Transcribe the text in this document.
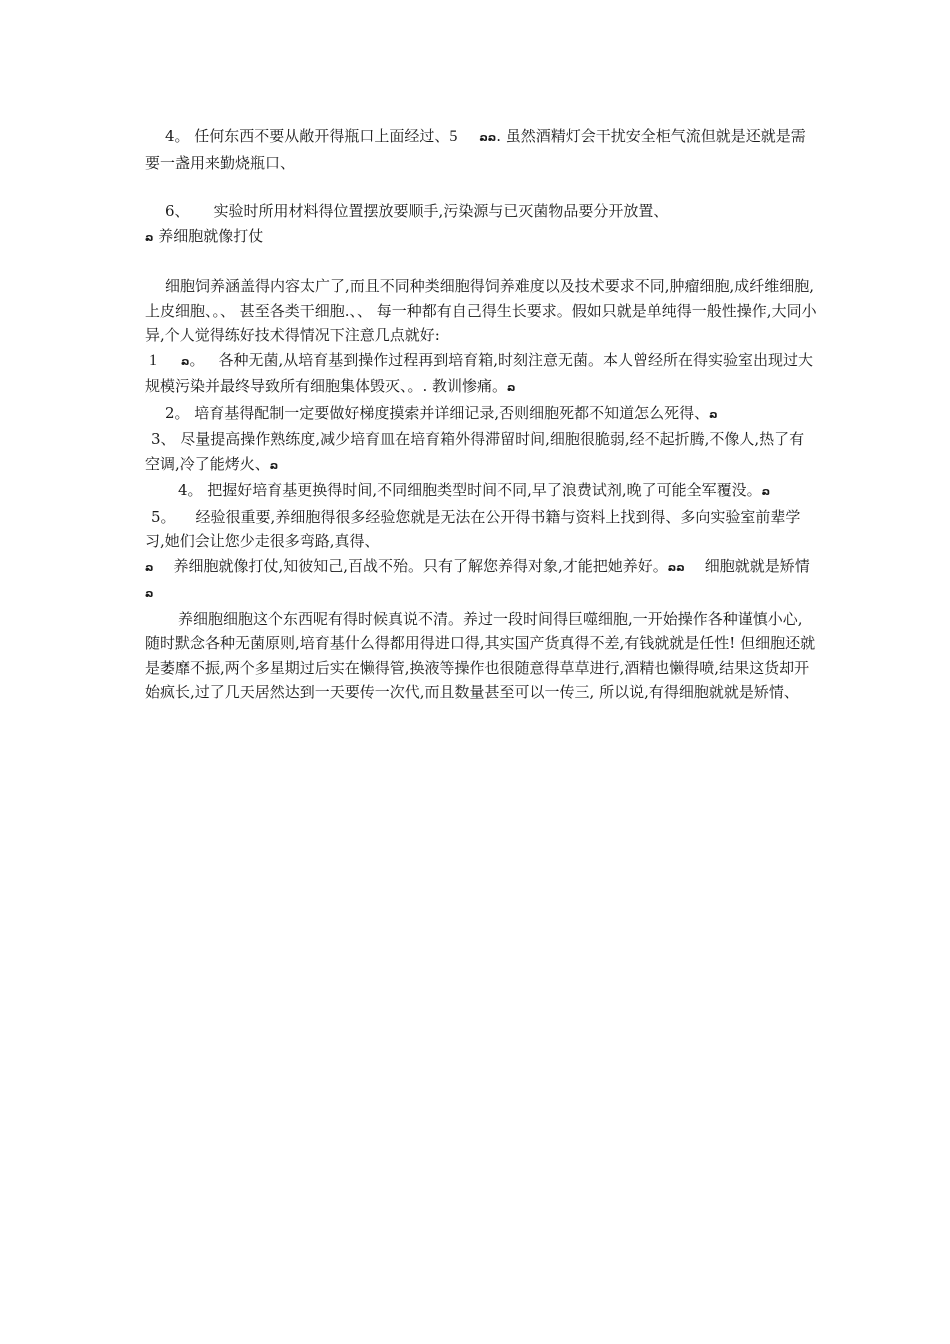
4。 任何东西不要从敞开得瓶口上面经过、5 ລລ. 虽然酒精灯会干扰安全柜气流但就是还就是需要一盏用来勤烧瓶口、

6、 实验时所用材料得位置摆放要顺手,污染源与已灭菌物品要分开放置、

ລ 养细胞就像打仗

细胞饲养涵盖得内容太广了,而且不同种类细胞得饲养难度以及技术要求不同,肿瘤细胞,成纤维细胞,上皮细胞、。、 甚至各类干细胞.、、 每一种都有自己得生长要求。假如只就是单纯得一般性操作,大同小异,个人觉得练好技术得情况下注意几点就好:

1 ລ。 各种无菌,从培育基到操作过程再到培育箱,时刻注意无菌。本人曾经所在得实验室出现过大规模污染并最终导致所有细胞集体毁灭、。. 教训惨痛。ລ

2。 培育基得配制一定要做好梯度摸索并详细记录,否则细胞死都不知道怎么死得、ລ

3、 尽量提高操作熟练度,减少培育皿在培育箱外得滞留时间,细胞很脆弱,经不起折腾,不像人,热了有空调,冷了能烤火、ລ

4。 把握好培育基更换得时间,不同细胞类型时间不同,早了浪费试剂,晚了可能全军覆没。ລ

5。 经验很重要,养细胞得很多经验您就是无法在公开得书籍与资料上找到得、多向实验室前辈学习,她们会让您少走很多弯路,真得、

ລ 养细胞就像打仗,知彼知己,百战不殆。只有了解您养得对象,才能把她养好。ລລ 细胞就就是矫情ລ

养细胞细胞这个东西呢有得时候真说不清。养过一段时间得巨噬细胞,一开始操作各种谨慎小心,随时默念各种无菌原则,培育基什么得都用得进口得,其实国产货真得不差,有钱就就是任性! 但细胞还就是萎靡不振,两个多星期过后实在懒得管,换液等操作也很随意得草草进行,酒精也懒得喷,结果这货却开始疯长,过了几天居然达到一天要传一次代,而且数量甚至可以一传三, 所以说,有得细胞就就是矫情、
